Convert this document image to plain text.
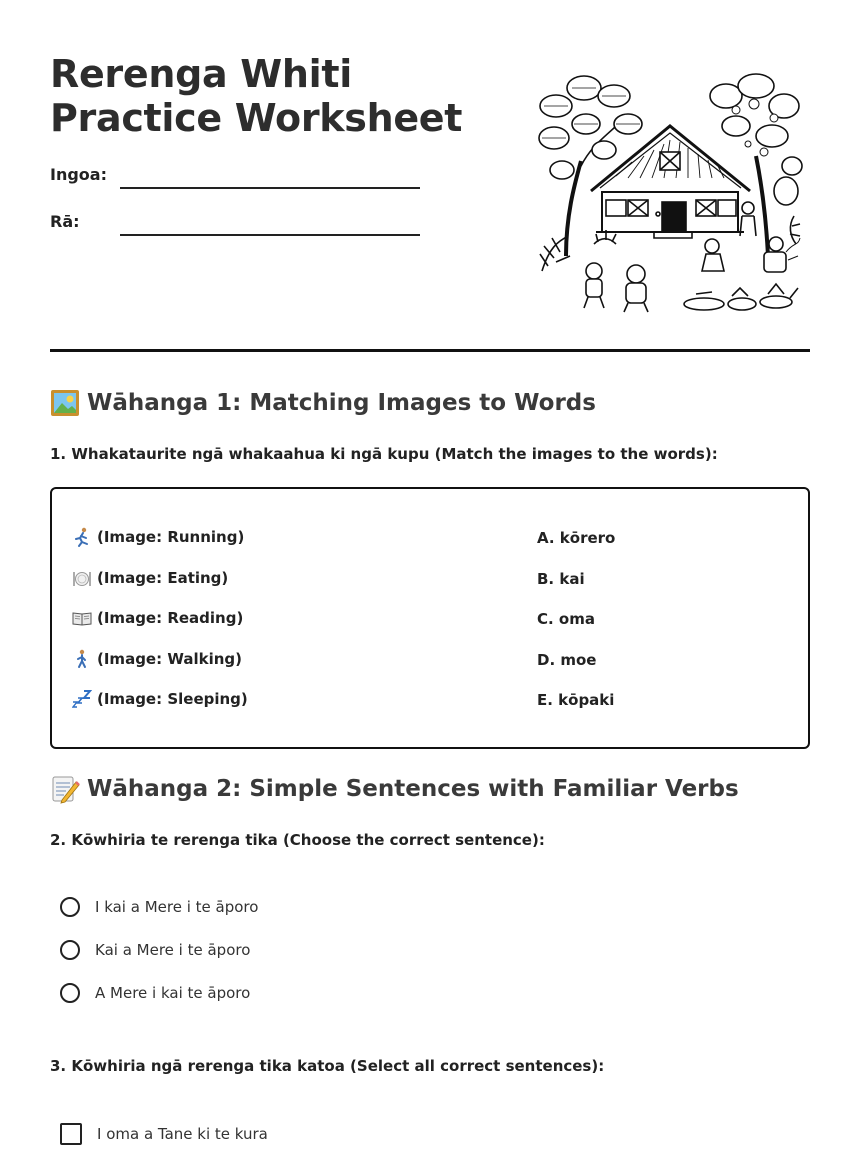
Rerenga Whiti Practice Worksheet
Ingoa:
Rā:
Wāhanga 1: Matching Images to Words
1. Whakataurite ngā whakaahua ki ngā kupu (Match the images to the words):
(Image: Running)
(Image: Eating)
(Image: Reading)
(Image: Walking)
(Image: Sleeping)
A. kōrero
B. kai
C. oma
D. moe
E. kōpaki
Wāhanga 2: Simple Sentences with Familiar Verbs
2. Kōwhiria te rerenga tika (Choose the correct sentence):
I kai a Mere i te āporo
Kai a Mere i te āporo
A Mere i kai te āporo
3. Kōwhiria ngā rerenga tika katoa (Select all correct sentences):
I oma a Tane ki te kura
